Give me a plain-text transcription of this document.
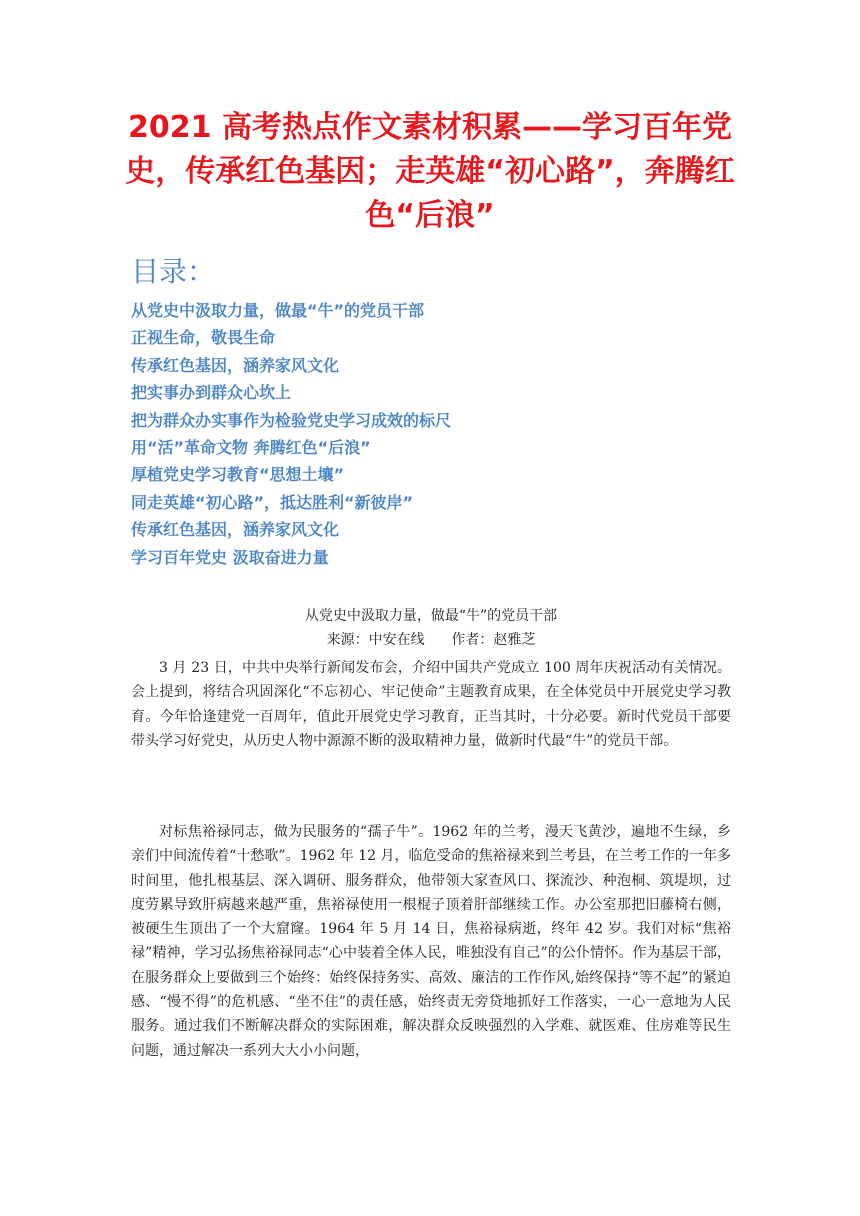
2021 高考热点作文素材积累——学习百年党史，传承红色基因；走英雄“初心路”，奔腾红色“后浪”
目录：
从党史中汲取力量，做最“牛”的党员干部
正视生命，敬畏生命
传承红色基因，涵养家风文化
把实事办到群众心坎上
把为群众办实事作为检验党史学习成效的标尺
用“活”革命文物 奔腾红色“后浪”
厚植党史学习教育“思想土壤”
同走英雄“初心路”，抵达胜利“新彼岸”
传承红色基因，涵养家风文化
学习百年党史 汲取奋进力量
从党史中汲取力量，做最“牛”的党员干部
来源：中安在线      作者：赵雅芝

3 月 23 日，中共中央举行新闻发布会，介绍中国共产党成立 100 周年庆祝活动有关情况。会上提到，将结合巩固深化“不忘初心、牢记使命”主题教育成果，在全体党员中开展党史学习教育。今年恰逢建党一百周年，值此开展党史学习教育，正当其时，十分必要。新时代党员干部要带头学习好党史，从历史人物中源源不断的汲取精神力量，做新时代最“牛”的党员干部。

对标焦裕禄同志，做为民服务的“孺子牛”。1962 年的兰考，漫天飞黄沙，遍地不生绿，乡亲们中间流传着“十愁歌”。1962 年 12 月，临危受命的焦裕禄来到兰考县，在兰考工作的一年多时间里，他扎根基层、深入调研、服务群众，他带领大家查风口、探流沙、种泡桐、筑堤坝，过度劳累导致肝病越来越严重，焦裕禄使用一根棍子顶着肝部继续工作。办公室那把旧藤椅右侧，被硬生生顶出了一个大窟窿。1964 年 5 月 14 日，焦裕禄病逝，终年 42 岁。我们对标“焦裕禄”精神，学习弘扬焦裕禄同志“心中装着全体人民，唯独没有自己”的公仆情怀。作为基层干部，在服务群众上要做到三个始终：始终保持务实、高效、廉洁的工作作风,始终保持“等不起”的紧迫感、“慢不得”的危机感、“坐不住”的责任感，始终责无旁贷地抓好工作落实，一心一意地为人民服务。通过我们不断解决群众的实际困难，解决群众反映强烈的入学难、就医难、住房难等民生问题，通过解决一系列大大小小问题，
